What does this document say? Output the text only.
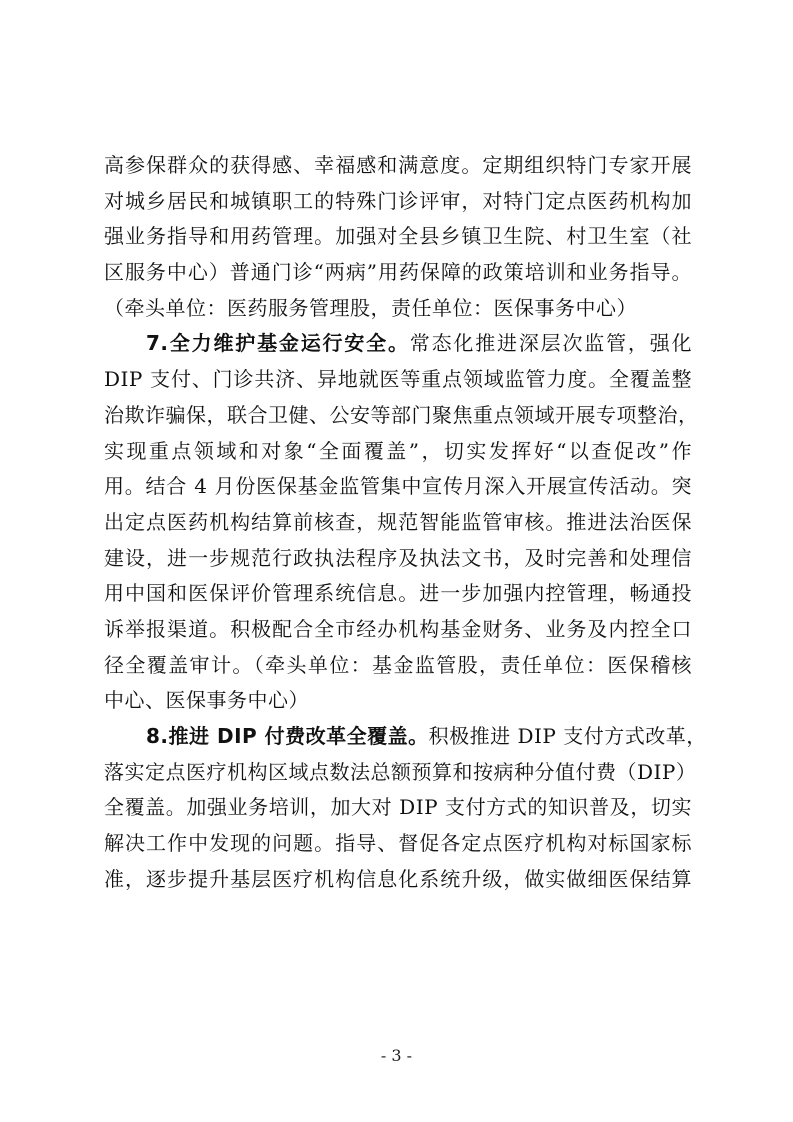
高参保群众的获得感、幸福感和满意度。定期组织特门专家开展
对城乡居民和城镇职工的特殊门诊评审，对特门定点医药机构加
强业务指导和用药管理。加强对全县乡镇卫生院、村卫生室（社
区服务中心）普通门诊“两病”用药保障的政策培训和业务指导。
（牵头单位：医药服务管理股，责任单位：医保事务中心）
7.全力维护基金运行安全。常态化推进深层次监管，强化
DIP 支付、门诊共济、异地就医等重点领域监管力度。全覆盖整
治欺诈骗保，联合卫健、公安等部门聚焦重点领域开展专项整治，
实现重点领域和对象“全面覆盖”，切实发挥好“以查促改”作
用。结合 4 月份医保基金监管集中宣传月深入开展宣传活动。突
出定点医药机构结算前核查，规范智能监管审核。推进法治医保
建设，进一步规范行政执法程序及执法文书，及时完善和处理信
用中国和医保评价管理系统信息。进一步加强内控管理，畅通投
诉举报渠道。积极配合全市经办机构基金财务、业务及内控全口
径全覆盖审计。（牵头单位：基金监管股，责任单位：医保稽核
中心、医保事务中心）
8.推进 DIP 付费改革全覆盖。积极推进 DIP 支付方式改革，
落实定点医疗机构区域点数法总额预算和按病种分值付费（DIP）
全覆盖。加强业务培训，加大对 DIP 支付方式的知识普及，切实
解决工作中发现的问题。指导、督促各定点医疗机构对标国家标
准，逐步提升基层医疗机构信息化系统升级，做实做细医保结算
- 3 -
